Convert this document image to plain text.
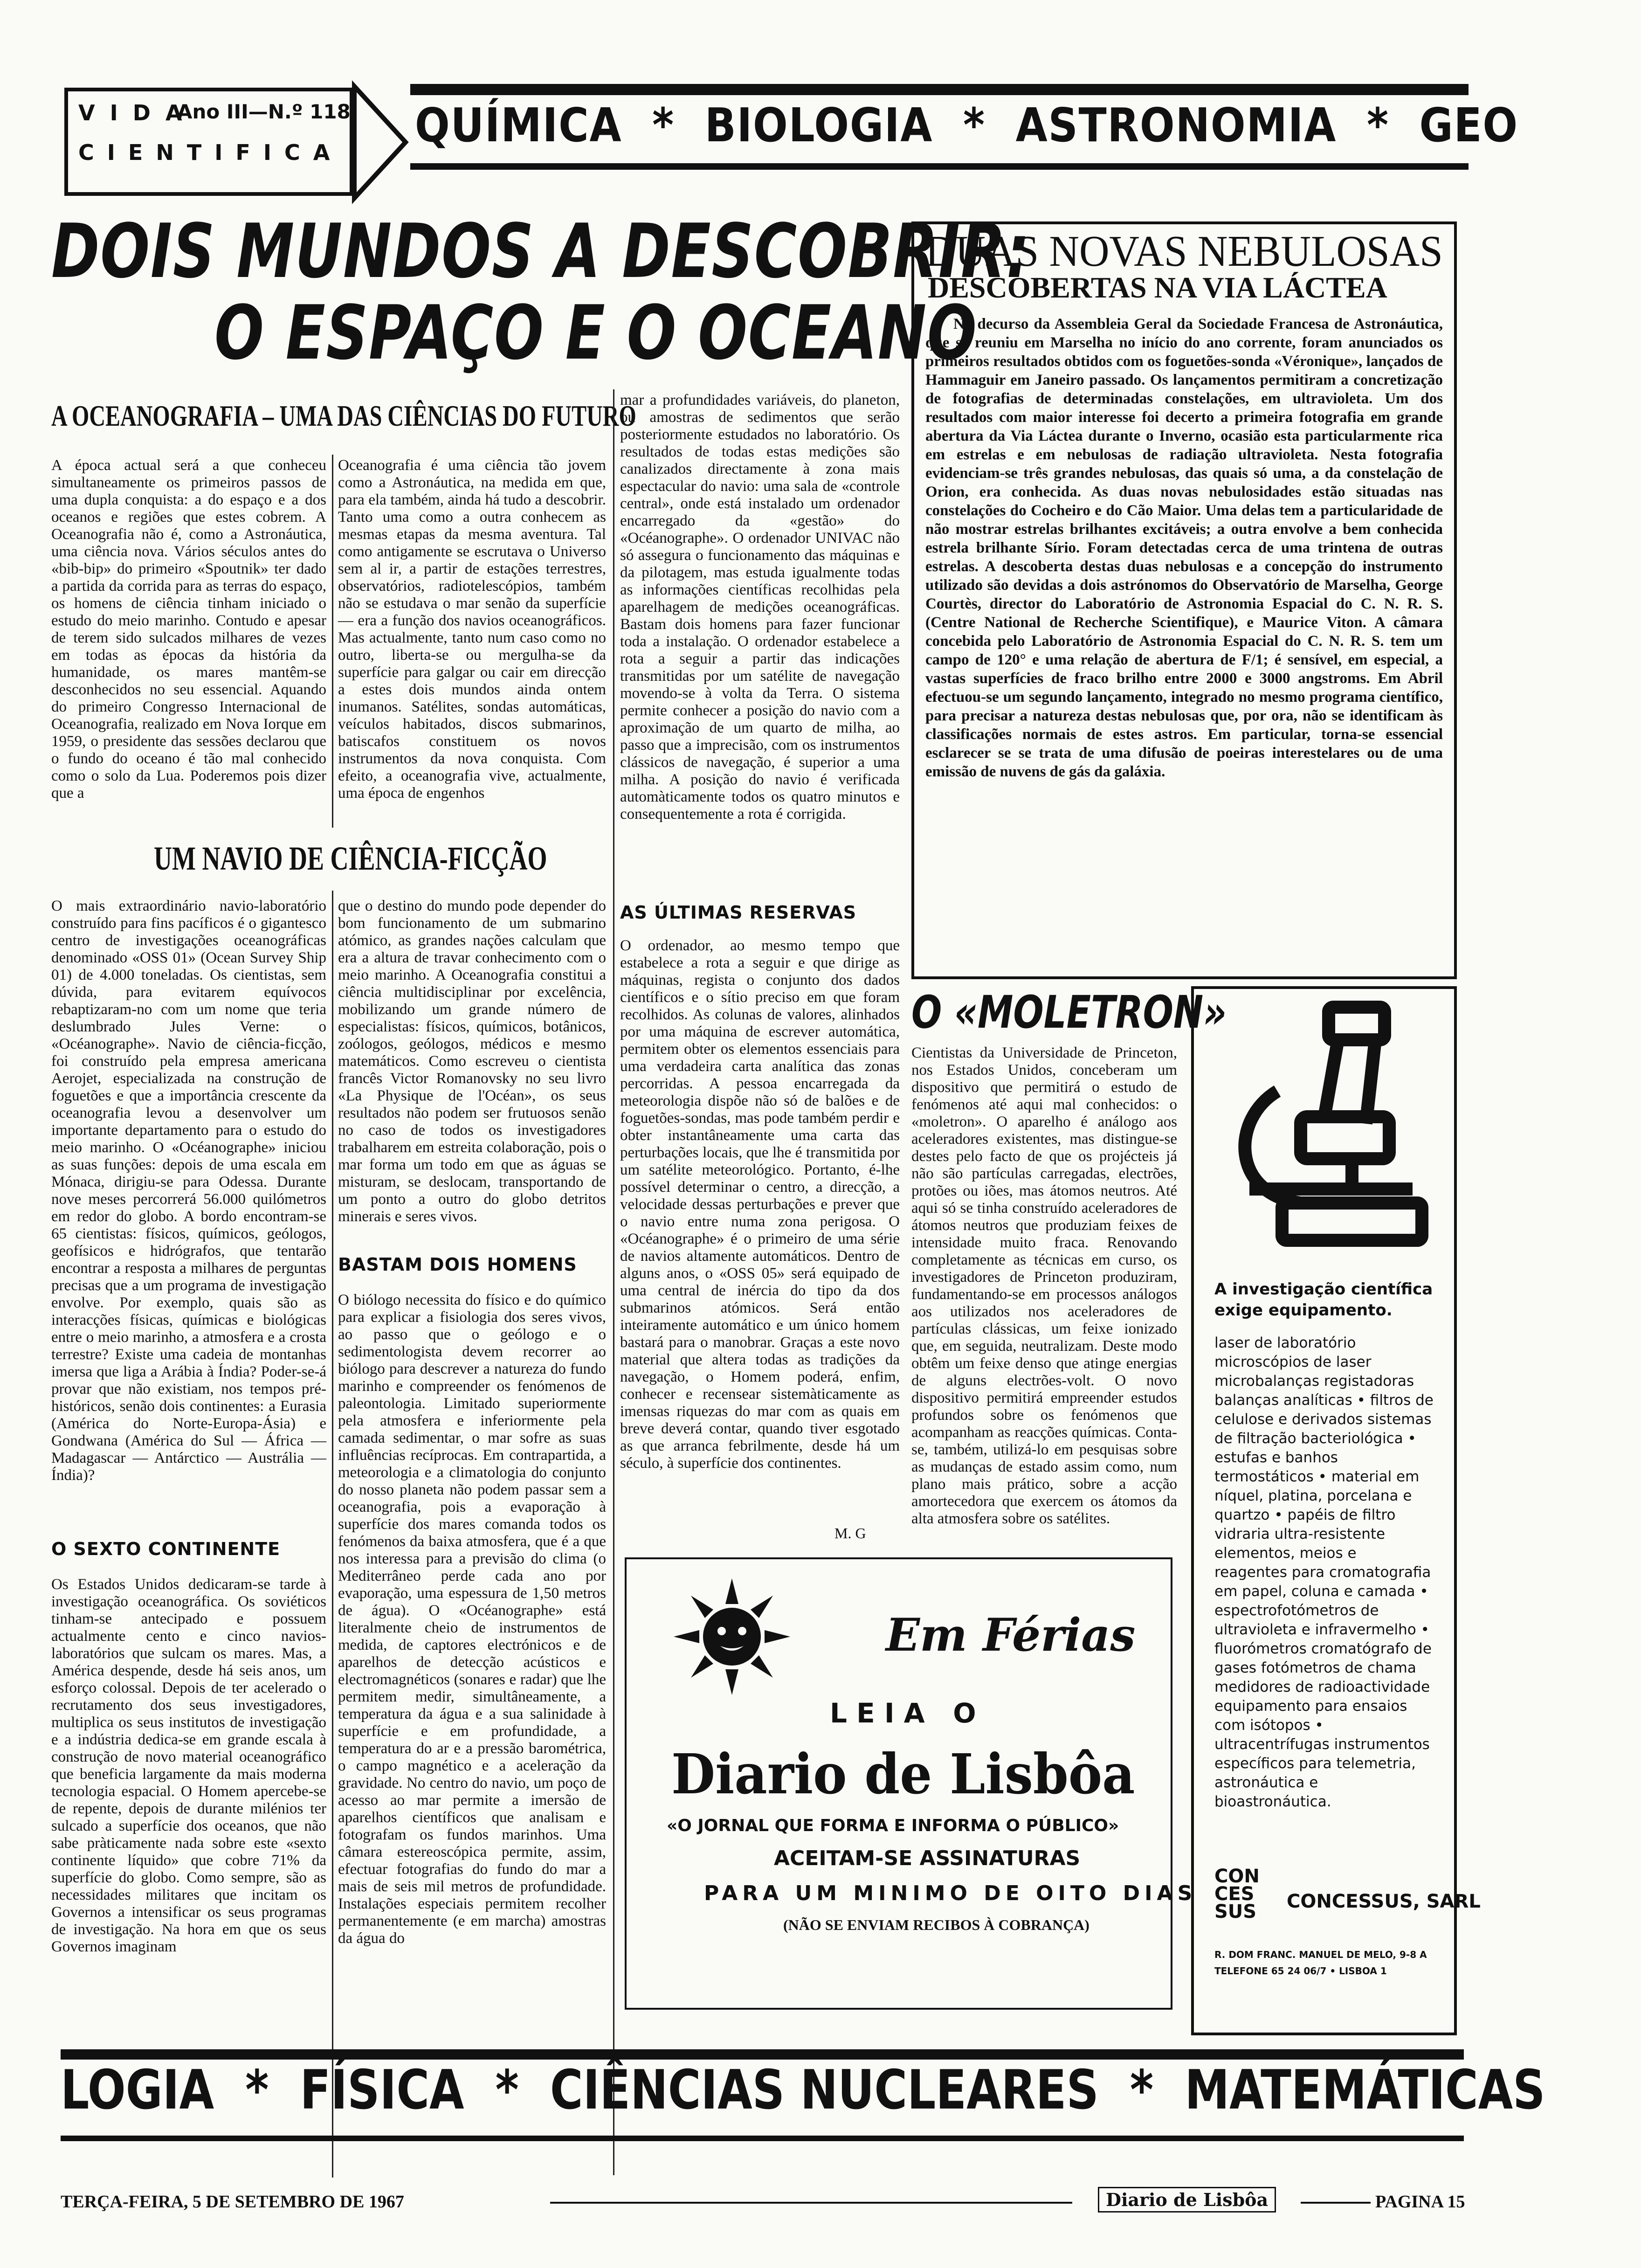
V I D A
Ano III—N.º 118
C I E N T I F I C A QUÍMICA  *  BIOLOGIA  *  ASTRONOMIA  *  GEO
DOIS MUNDOS A DESCOBRIR:
O ESPAÇO E O OCEANO
A OCEANOGRAFIA – UMA DAS CIÊNCIAS DO FUTURO
A época actual será a que conheceu simultaneamente os primeiros passos de uma dupla conquista: a do espaço e a dos oceanos e regiões que estes cobrem. A Oceanografia não é, como a Astronáutica, uma ciência nova. Vários séculos antes do «bib-bip» do primeiro «Spoutnik» ter dado a partida da corrida para as terras do espaço, os homens de ciência tinham iniciado o estudo do meio marinho. Contudo e apesar de terem sido sulcados milhares de vezes em todas as épocas da história da humanidade, os mares mantêm-se desconhecidos no seu essencial. Aquando do primeiro Congresso Internacional de Oceanografia, realizado em Nova Iorque em 1959, o presidente das sessões declarou que o fundo do oceano é tão mal conhecido como o solo da Lua. Poderemos pois dizer que a
Oceanografia é uma ciência tão jovem como a Astronáutica, na medida em que, para ela também, ainda há tudo a descobrir. Tanto uma como a outra conhecem as mesmas etapas da mesma aventura. Tal como antigamente se escrutava o Universo sem al ir, a partir de estações terrestres, observatórios, radiotelescópios, também não se estudava o mar senão da superfície — era a função dos navios oceanográficos. Mas actualmente, tanto num caso como no outro, liberta-se ou mergulha-se da superfície para galgar ou cair em direcção a estes dois mundos ainda ontem inumanos. Satélites, sondas automáticas, veículos habitados, discos submarinos, batiscafos constituem os novos instrumentos da nova conquista. Com efeito, a oceanografia vive, actualmente, uma época de engenhos
UM NAVIO DE CIÊNCIA-FICÇÃO
O mais extraordinário navio-laboratório construído para fins pacíficos é o gigantesco centro de investigações oceanográficas denominado «OSS 01» (Ocean Survey Ship 01) de 4.000 toneladas. Os cientistas, sem dúvida, para evitarem equívocos rebaptizaram-no com um nome que teria deslumbrado Jules Verne: o «Océanographe». Navio de ciência-ficção, foi construído pela empresa americana Aerojet, especializada na construção de foguetões e que a importância crescente da oceanografia levou a desenvolver um importante departamento para o estudo do meio marinho. O «Océanographe» iniciou as suas funções: depois de uma escala em Mónaca, dirigiu-se para Odessa. Durante nove meses percorrerá 56.000 quilómetros em redor do globo. A bordo encontram-se 65 cientistas: físicos, químicos, geólogos, geofísicos e hidrógrafos, que tentarão encontrar a resposta a milhares de perguntas precisas que a um programa de investigação envolve. Por exemplo, quais são as interacções físicas, químicas e biológicas entre o meio marinho, a atmosfera e a crosta terrestre? Existe uma cadeia de montanhas imersa que liga a Arábia à Índia? Poder-se-á provar que não existiam, nos tempos pré-históricos, senão dois continentes: a Eurasia (América do Norte-Europa-Ásia) e Gondwana (América do Sul — África — Madagascar — Antárctico — Austrália — Índia)?
O SEXTO CONTINENTE
Os Estados Unidos dedicaram-se tarde à investigação oceanográfica. Os soviéticos tinham-se antecipado e possuem actualmente cento e cinco navios-laboratórios que sulcam os mares. Mas, a América despende, desde há seis anos, um esforço colossal. Depois de ter acelerado o recrutamento dos seus investigadores, multiplica os seus institutos de investigação e a indústria dedica-se em grande escala à construção de novo material oceanográfico que beneficia largamente da mais moderna tecnologia espacial. O Homem apercebe-se de repente, depois de durante milénios ter sulcado a superfície dos oceanos, que não sabe pràticamente nada sobre este «sexto continente líquido» que cobre 71% da superfície do globo. Como sempre, são as necessidades militares que incitam os Governos a intensificar os seus programas de investigação. Na hora em que os seus Governos imaginam
que o destino do mundo pode depender do bom funcionamento de um submarino atómico, as grandes nações calculam que era a altura de travar conhecimento com o meio marinho. A Oceanografia constitui a ciência multidisciplinar por excelência, mobilizando um grande número de especialistas: físicos, químicos, botânicos, zoólogos, geólogos, médicos e mesmo matemáticos. Como escreveu o cientista francês Victor Romanovsky no seu livro «La Physique de l'Océan», os seus resultados não podem ser frutuosos senão no caso de todos os investigadores trabalharem em estreita colaboração, pois o mar forma um todo em que as águas se misturam, se deslocam, transportando de um ponto a outro do globo detritos minerais e seres vivos.
BASTAM DOIS HOMENS
O biólogo necessita do físico e do químico para explicar a fisiologia dos seres vivos, ao passo que o geólogo e o sedimentologista devem recorrer ao biólogo para descrever a natureza do fundo marinho e compreender os fenómenos de paleontologia. Limitado superiormente pela atmosfera e inferiormente pela camada sedimentar, o mar sofre as suas influências recíprocas. Em contrapartida, a meteorologia e a climatologia do conjunto do nosso planeta não podem passar sem a oceanografia, pois a evaporação à superfície dos mares comanda todos os fenómenos da baixa atmosfera, que é a que nos interessa para a previsão do clima (o Mediterrâneo perde cada ano por evaporação, uma espessura de 1,50 metros de água). O «Océanographe» está literalmente cheio de instrumentos de medida, de captores electrónicos e de aparelhos de detecção acústicos e electromagnéticos (sonares e radar) que lhe permitem medir, simultâneamente, a temperatura da água e a sua salinidade à superfície e em profundidade, a temperatura do ar e a pressão barométrica, o campo magnético e a aceleração da gravidade. No centro do navio, um poço de acesso ao mar permite a imersão de aparelhos científicos que analisam e fotografam os fundos marinhos. Uma câmara estereoscópica permite, assim, efectuar fotografias do fundo do mar a mais de seis mil metros de profundidade. Instalações especiais permitem recolher permanentemente (e em marcha) amostras da água do
mar a profundidades variáveis, do planeton, ou amostras de sedimentos que serão posteriormente estudados no laboratório. Os resultados de todas estas medições são canalizados directamente à zona mais espectacular do navio: uma sala de «controle central», onde está instalado um ordenador encarregado da «gestão» do «Océanographe». O ordenador UNIVAC não só assegura o funcionamento das máquinas e da pilotagem, mas estuda igualmente todas as informações científicas recolhidas pela aparelhagem de medições oceanográficas. Bastam dois homens para fazer funcionar toda a instalação. O ordenador estabelece a rota a seguir a partir das indicações transmitidas por um satélite de navegação movendo-se à volta da Terra. O sistema permite conhecer a posição do navio com a aproximação de um quarto de milha, ao passo que a imprecisão, com os instrumentos clássicos de navegação, é superior a uma milha. A posição do navio é verificada automàticamente todos os quatro minutos e consequentemente a rota é corrigida.
AS ÚLTIMAS RESERVAS
O ordenador, ao mesmo tempo que estabelece a rota a seguir e que dirige as máquinas, regista o conjunto dos dados científicos e o sítio preciso em que foram recolhidos. As colunas de valores, alinhados por uma máquina de escrever automática, permitem obter os elementos essenciais para uma verdadeira carta analítica das zonas percorridas. A pessoa encarregada da meteorologia dispõe não só de balões e de foguetões-sondas, mas pode também perdir e obter instantâneamente uma carta das perturbações locais, que lhe é transmitida por um satélite meteorológico. Portanto, é-lhe possível determinar o centro, a direcção, a velocidade dessas perturbações e prever que o navio entre numa zona perigosa. O «Océanographe» é o primeiro de uma série de navios altamente automáticos. Dentro de alguns anos, o «OSS 05» será equipado de uma central de inércia do tipo da dos submarinos atómicos. Será então inteiramente automático e um único homem bastará para o manobrar. Graças a este novo material que altera todas as tradições da navegação, o Homem poderá, enfim, conhecer e recensear sistemàticamente as imensas riquezas do mar com as quais em breve deverá contar, quando tiver esgotado as que arranca febrilmente, desde há um século, à superfície dos continentes.
M. G
DUAS NOVAS NEBULOSAS
DESCOBERTAS NA VIA LÁCTEA
No decurso da Assembleia Geral da Sociedade Francesa de Astronáutica, que se reuniu em Marselha no início do ano corrente, foram anunciados os primeiros resultados obtidos com os foguetões-sonda «Véronique», lançados de Hammaguir em Janeiro passado. Os lançamentos permitiram a concretização de fotografias de determinadas constelações, em ultravioleta. Um dos resultados com maior interesse foi decerto a primeira fotografia em grande abertura da Via Láctea durante o Inverno, ocasião esta particularmente rica em estrelas e em nebulosas de radiação ultravioleta. Nesta fotografia evidenciam-se três grandes nebulosas, das quais só uma, a da constelação de Orion, era conhecida. As duas novas nebulosidades estão situadas nas constelações do Cocheiro e do Cão Maior. Uma delas tem a particularidade de não mostrar estrelas brilhantes excitáveis; a outra envolve a bem conhecida estrela brilhante Sírio. Foram detectadas cerca de uma trintena de outras estrelas. A descoberta destas duas nebulosas e a concepção do instrumento utilizado são devidas a dois astrónomos do Observatório de Marselha, George Courtès, director do Laboratório de Astronomia Espacial do C. N. R. S. (Centre National de Recherche Scientifique), e Maurice Viton. A câmara concebida pelo Laboratório de Astronomia Espacial do C. N. R. S. tem um campo de 120° e uma relação de abertura de F/1; é sensível, em especial, a vastas superfícies de fraco brilho entre 2000 e 3000 angstroms. Em Abril efectuou-se um segundo lançamento, integrado no mesmo programa científico, para precisar a natureza destas nebulosas que, por ora, não se identificam às classificações normais de estes astros. Em particular, torna-se essencial esclarecer se se trata de uma difusão de poeiras interestelares ou de uma emissão de nuvens de gás da galáxia.
O «MOLETRON»
Cientistas da Universidade de Princeton, nos Estados Unidos, conceberam um dispositivo que permitirá o estudo de fenómenos até aqui mal conhecidos: o «moletron». O aparelho é análogo aos aceleradores existentes, mas distingue-se destes pelo facto de que os projécteis já não são partículas carregadas, electrões, protões ou iões, mas átomos neutros. Até aqui só se tinha construído aceleradores de átomos neutros que produziam feixes de intensidade muito fraca. Renovando completamente as técnicas em curso, os investigadores de Princeton produziram, fundamentando-se em processos análogos aos utilizados nos aceleradores de partículas clássicas, um feixe ionizado que, em seguida, neutralizam. Deste modo obtêm um feixe denso que atinge energias de alguns electrões-volt. O novo dispositivo permitirá empreender estudos profundos sobre os fenómenos que acompanham as reacções químicas. Conta-se, também, utilizá-lo em pesquisas sobre as mudanças de estado assim como, num plano mais prático, sobre a acção amortecedora que exercem os átomos da alta atmosfera sobre os satélites.
A investigação científica
exige equipamento.
laser de laboratório microscópios de laser microbalanças registadoras balanças analíticas • filtros de celulose e derivados sistemas de filtração bacteriológica • estufas e banhos termostáticos • material em níquel, platina, porcelana e quartzo • papéis de filtro vidraria ultra-resistente elementos, meios e reagentes para cromatografia em papel, coluna e camada • espectrofotómetros de ultravioleta e infravermelho • fluorómetros cromatógrafo de gases fotómetros de chama medidores de radioactividade equipamento para ensaios com isótopos • ultracentrífugas instrumentos específicos para telemetria, astronáutica e bioastronáutica.
CON CES SUS	CONCESSUS, SARL
R. DOM FRANC. MANUEL DE MELO, 9-8 A
TELEFONE 65 24 06/7 • LISBOA 1
Em Férias
L E I A   O
Diario de Lisbôa
«O JORNAL QUE FORMA E INFORMA O PÚBLICO»
ACEITAM-SE ASSINATURAS
PARA UM MINIMO DE OITO DIAS
(NÃO SE ENVIAM RECIBOS À COBRANÇA)
LOGIA  *  FÍSICA  *  CIÊNCIAS NUCLEARES  *  MATEMÁTICAS
TERÇA-FEIRA, 5 DE SETEMBRO DE 1967	Diario de Lisbôa	PAGINA 15
